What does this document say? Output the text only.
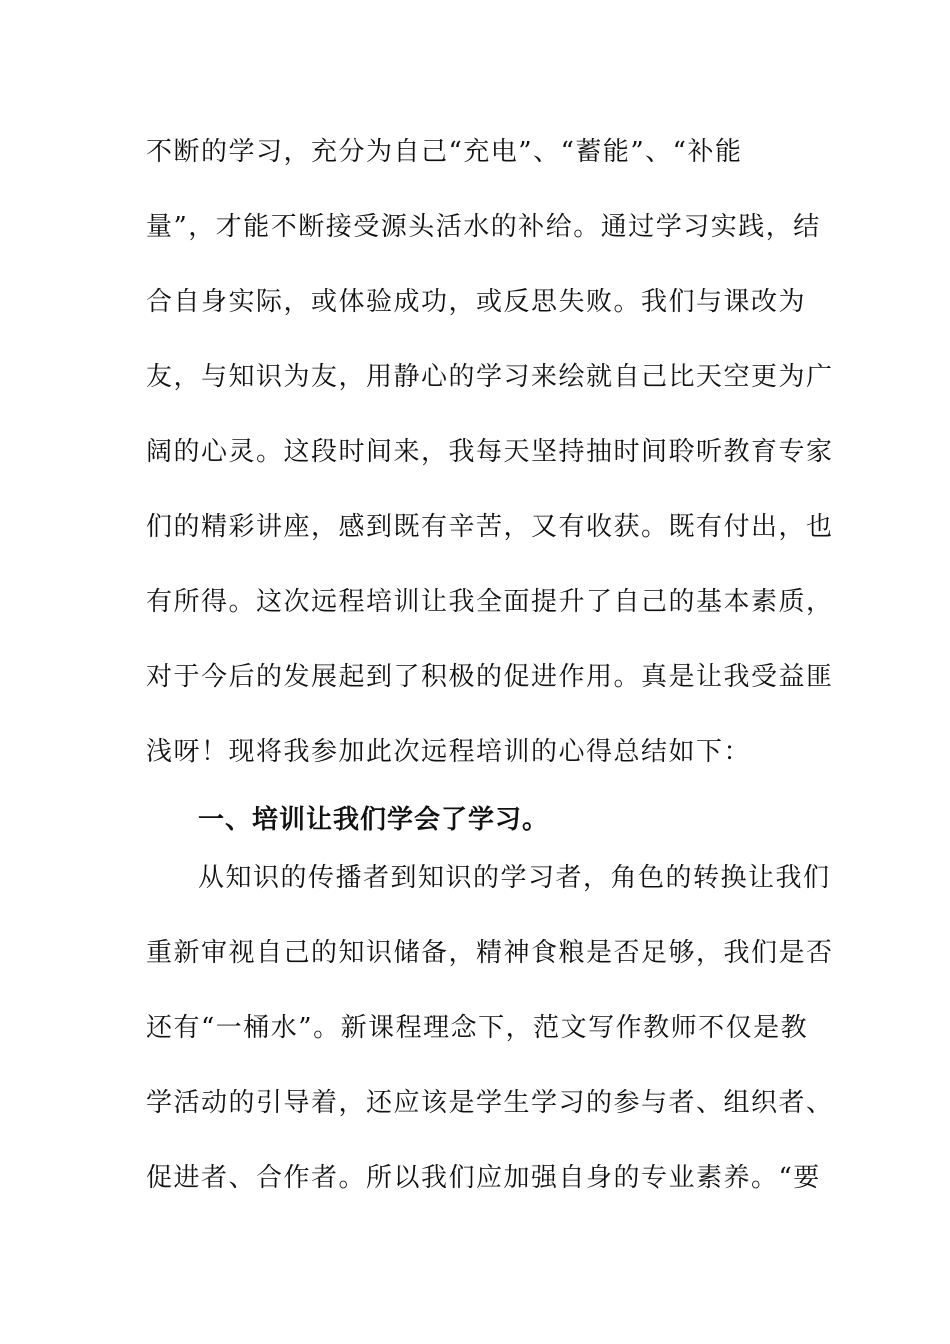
不断的学习，充分为自己“充电”、“蓄能”、“补能
量”，才能不断接受源头活水的补给。通过学习实践，结
合自身实际，或体验成功，或反思失败。我们与课改为
友，与知识为友，用静心的学习来绘就自己比天空更为广
阔的心灵。这段时间来，我每天坚持抽时间聆听教育专家
们的精彩讲座，感到既有辛苦，又有收获。既有付出，也
有所得。这次远程培训让我全面提升了自己的基本素质，
对于今后的发展起到了积极的促进作用。真是让我受益匪
浅呀！现将我参加此次远程培训的心得总结如下：
一、培训让我们学会了学习。
从知识的传播者到知识的学习者，角色的转换让我们
重新审视自己的知识储备，精神食粮是否足够，我们是否
还有“一桶水”。新课程理念下，范文写作教师不仅是教
学活动的引导着，还应该是学生学习的参与者、组织者、
促进者、合作者。所以我们应加强自身的专业素养。“要
